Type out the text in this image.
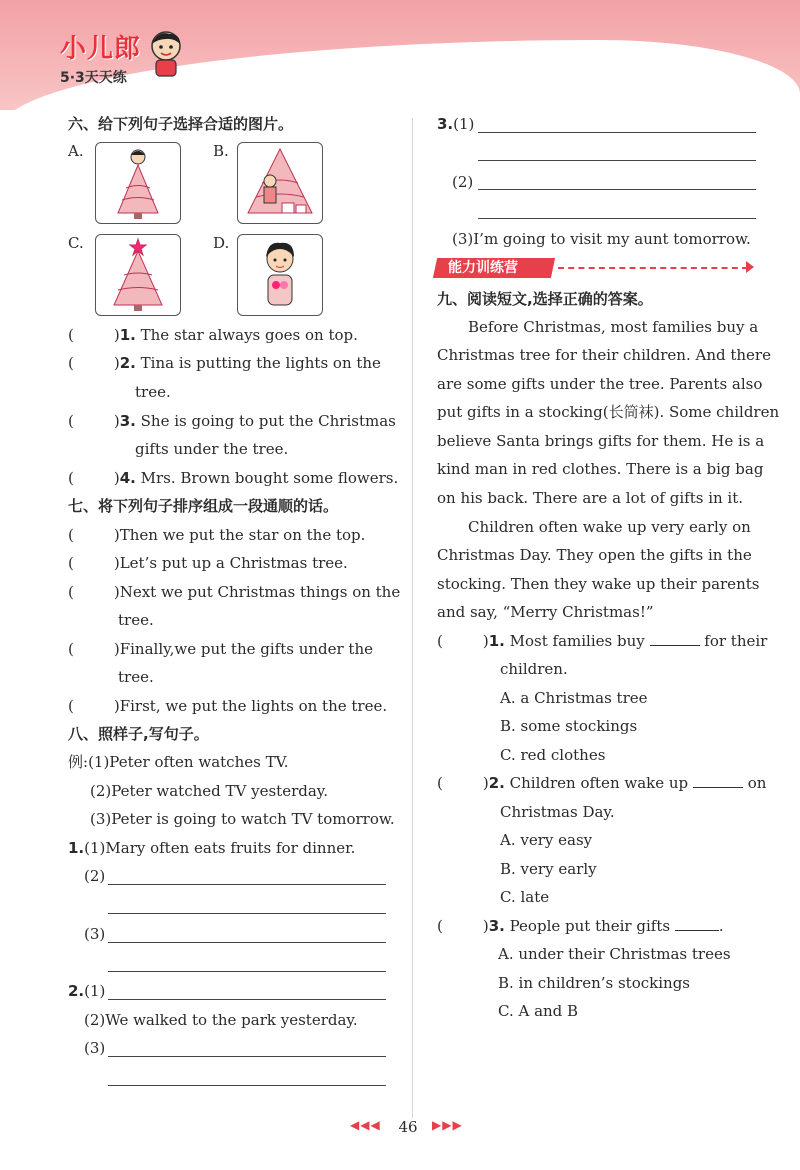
小儿郎
5·3天天练
六、给下列句子选择合适的图片。
A.	B.
C.	D.
(	)1. The star always goes on top.
(	)2. Tina is putting the lights on the
tree.
(	)3. She is going to put the Christmas
gifts under the tree.
(	)4. Mrs. Brown bought some flowers.
七、将下列句子排序组成一段通顺的话。
(	)Then we put the star on the top.
(	)Let’s put up a Christmas tree.
(	)Next we put Christmas things on the
tree.
(	)Finally,we put the gifts under the
tree.
(	)First, we put the lights on the tree.
八、照样子,写句子。
例:(1)Peter often watches TV.
(2)Peter watched TV yesterday.
(3)Peter is going to watch TV tomorrow.
1.(1)Mary often eats fruits for dinner.
(2)
(3)
2.(1)
(2)We walked to the park yesterday.
(3)
3.(1)
(2)
(3)I’m going to visit my aunt tomorrow.
能力训练营
九、阅读短文,选择正确的答案。
Before Christmas, most families buy a
Christmas tree for their children. And there
are some gifts under the tree. Parents also
put gifts in a stocking(长筒袜). Some children
believe Santa brings gifts for them. He is a
kind man in red clothes. There is a big bag
on his back. There are a lot of gifts in it.
Children often wake up very early on
Christmas Day. They open the gifts in the
stocking. Then they wake up their parents
and say, “Merry Christmas!”
(	)1. Most families buy	for their
children.
A. a Christmas tree
B. some stockings
C. red clothes
(	)2. Children often wake up	on
Christmas Day.
A. very easy
B. very early
C. late
(	)3. People put their gifts	.
A. under their Christmas trees
B. in children’s stockings
C. A and B
◀◀◀	46	▶▶▶
